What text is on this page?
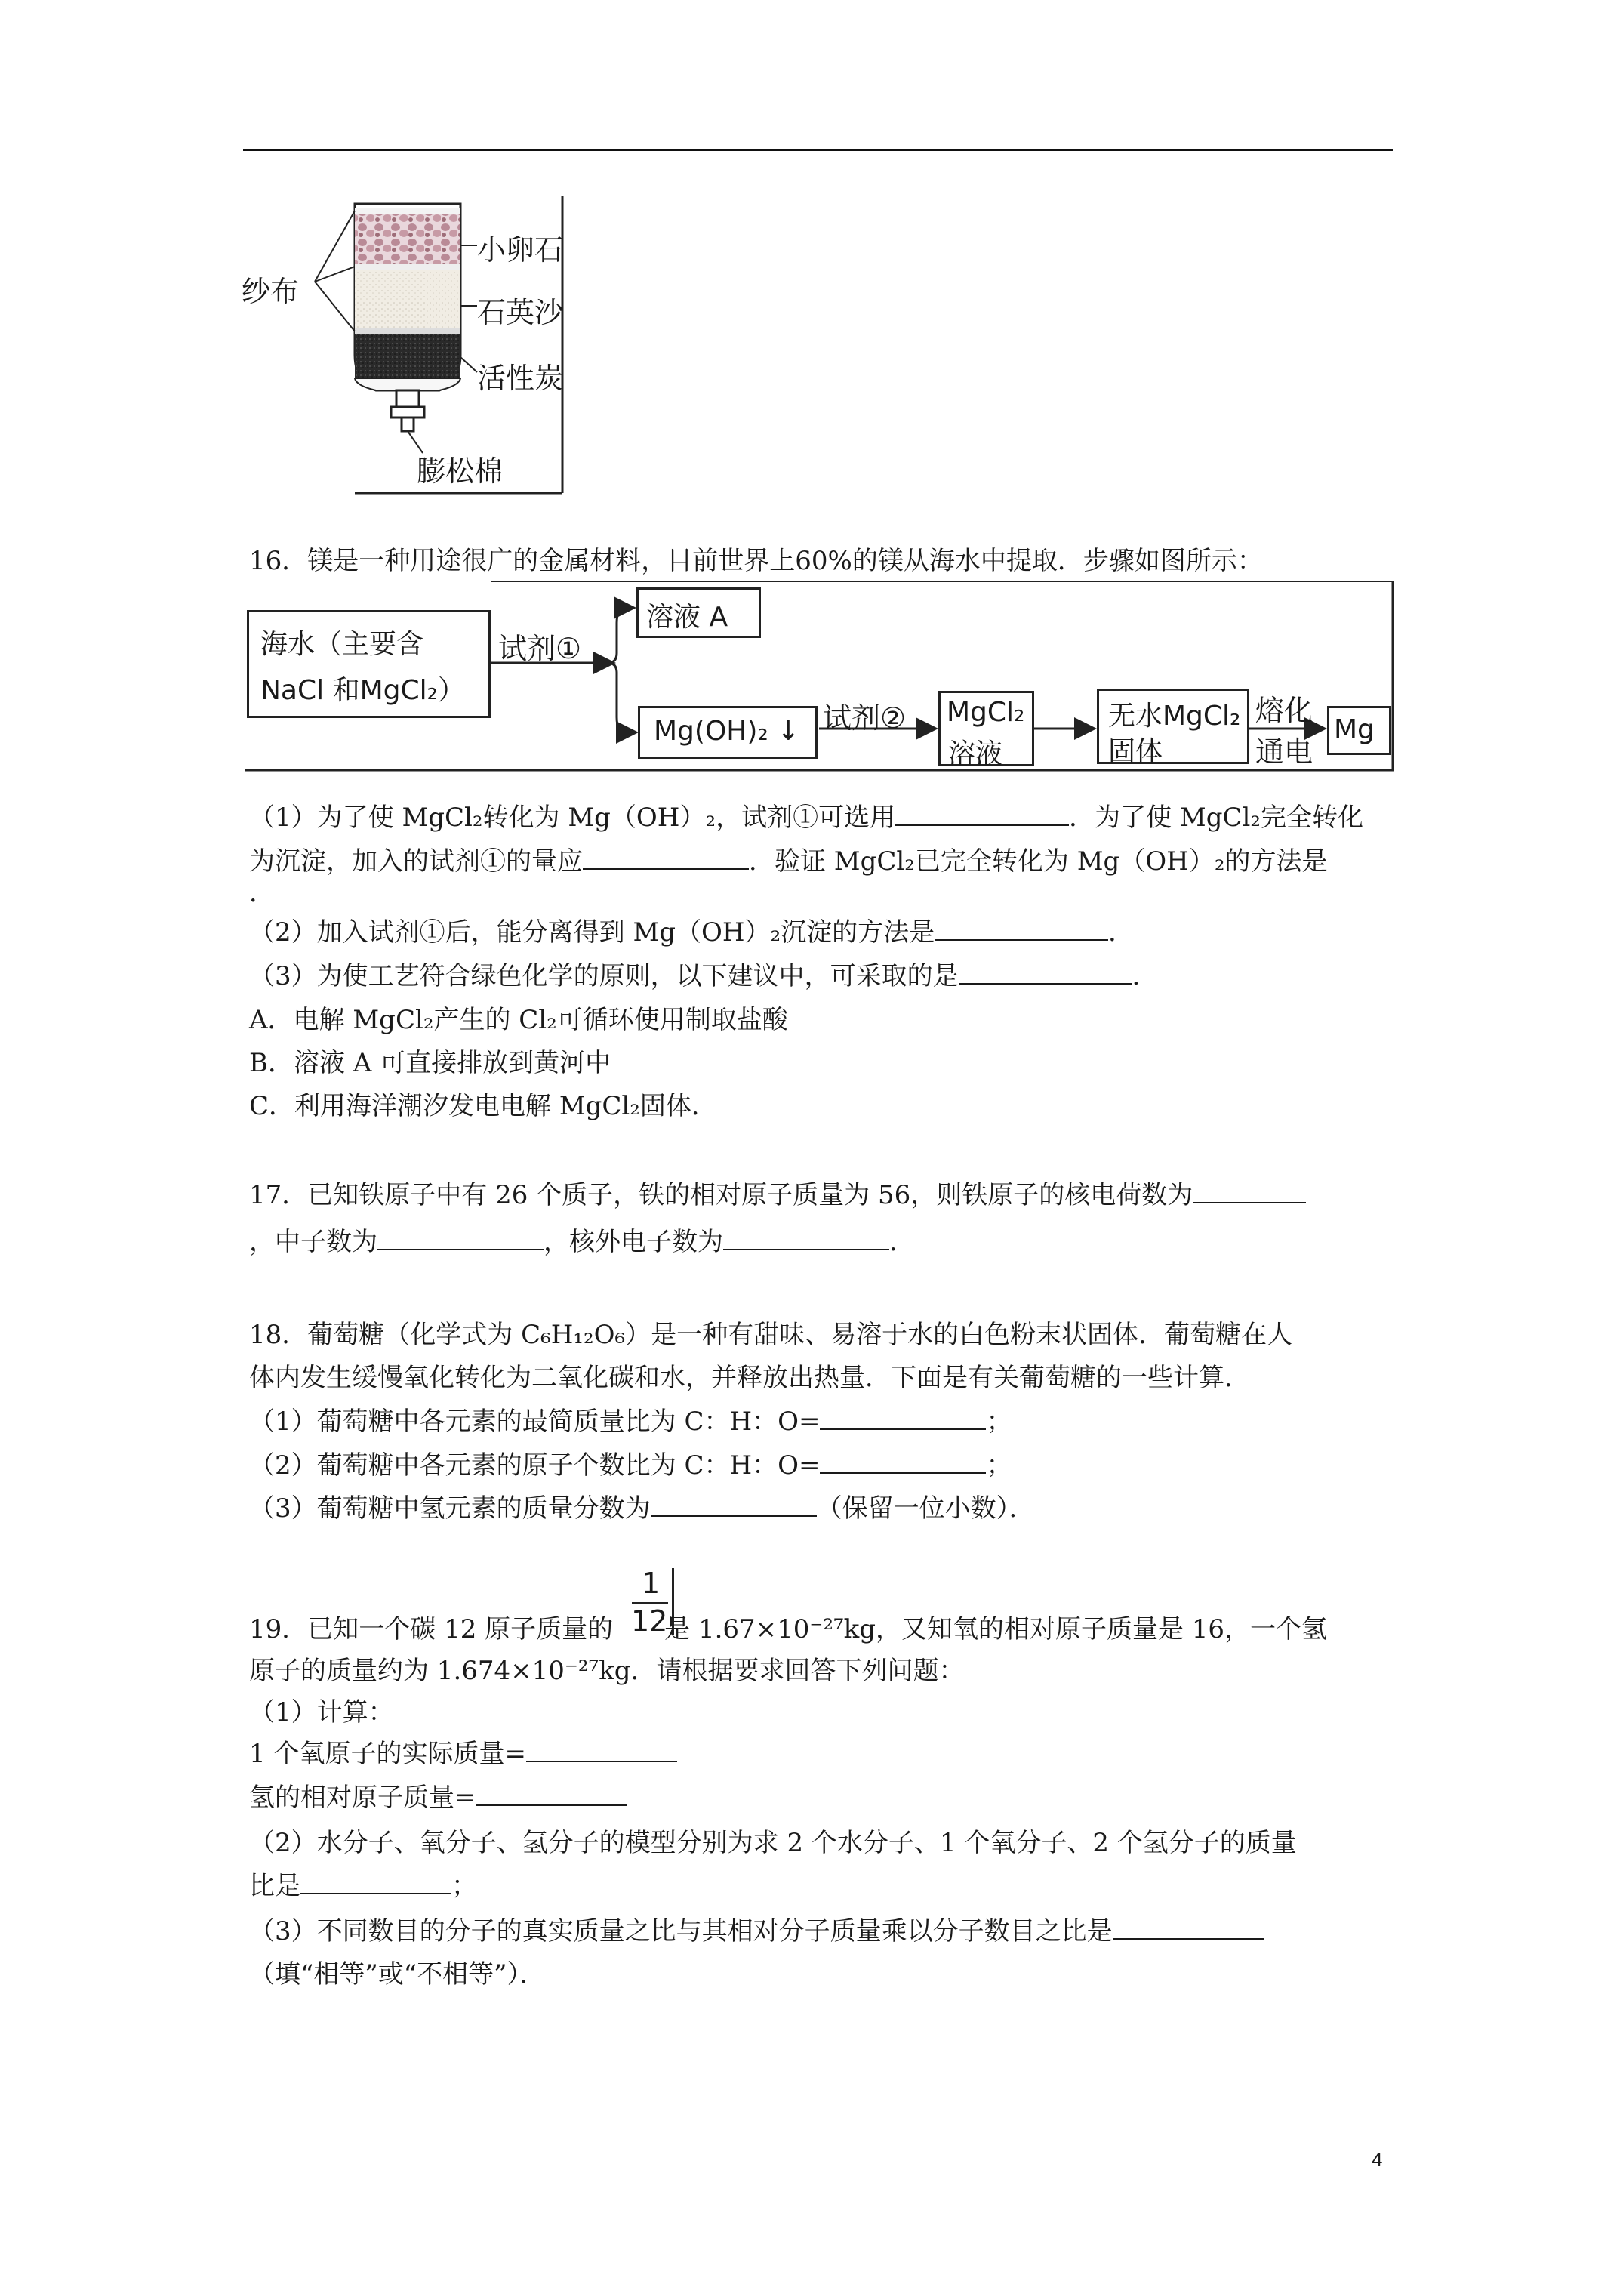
纱布
小卵石
石英沙
活性炭
膨松棉
16．镁是一种用途很广的金属材料，目前世界上60%的镁从海水中提取．步骤如图所示：
海水（主要含
NaCl 和MgCl₂）
试剂①
溶液 A
Mg(OH)₂ ↓ 试剂② MgCl₂
溶液
无水MgCl₂
固体
熔化
通电
Mg
（1）为了使 MgCl₂转化为 Mg（OH）₂，试剂①可选用	．为了使 MgCl₂完全转化
为沉淀，加入的试剂①的量应	．验证 MgCl₂已完全转化为 Mg（OH）₂的方法是
．
（2）加入试剂①后，能分离得到 Mg（OH）₂沉淀的方法是	．
（3）为使工艺符合绿色化学的原则，以下建议中，可采取的是	．
A．电解 MgCl₂产生的 Cl₂可循环使用制取盐酸
B．溶液 A 可直接排放到黄河中
C．利用海洋潮汐发电电解 MgCl₂固体．
17．已知铁原子中有 26 个质子，铁的相对原子质量为 56，则铁原子的核电荷数为
，中子数为	，核外电子数为	．
18．葡萄糖（化学式为 C₆H₁₂O₆）是一种有甜味、易溶于水的白色粉末状固体．葡萄糖在人
体内发生缓慢氧化转化为二氧化碳和水，并释放出热量．下面是有关葡萄糖的一些计算．
（1）葡萄糖中各元素的最简质量比为 C：H：O=	；
（2）葡萄糖中各元素的原子个数比为 C：H：O=	；
（3）葡萄糖中氢元素的质量分数为	（保留一位小数）．
1
12
19．已知一个碳 12 原子质量的 是 1.67×10⁻²⁷kg，又知氧的相对原子质量是 16，一个氢
原子的质量约为 1.674×10⁻²⁷kg．请根据要求回答下列问题：
（1）计算：
1 个氧原子的实际质量=
氢的相对原子质量=
（2）水分子、氧分子、氢分子的模型分别为求 2 个水分子、1 个氧分子、2 个氢分子的质量
比是	；
（3）不同数目的分子的真实质量之比与其相对分子质量乘以分子数目之比是
（填“相等”或“不相等”）．
4
